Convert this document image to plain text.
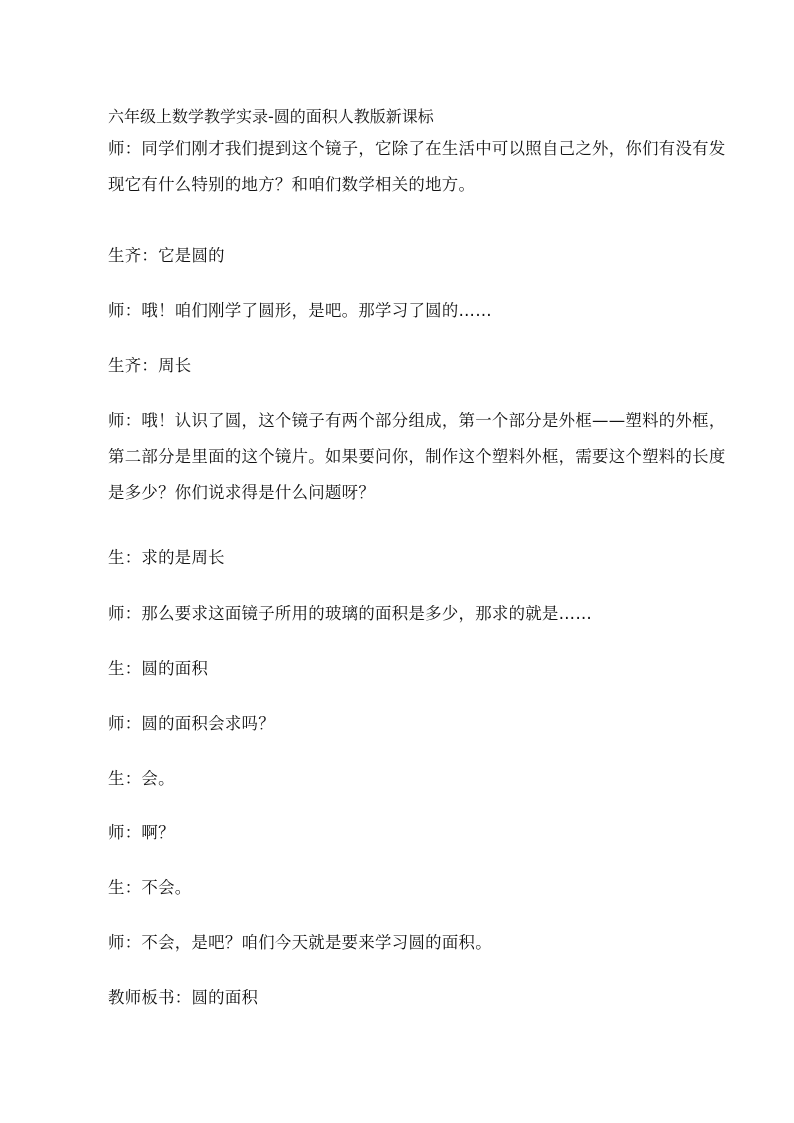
六年级上数学教学实录-圆的面积人教版新课标
师：同学们刚才我们提到这个镜子，它除了在生活中可以照自己之外，你们有没有发现它有什么特别的地方？和咱们数学相关的地方。
生齐：它是圆的
师：哦！咱们刚学了圆形，是吧。那学习了圆的……
生齐：周长
师：哦！认识了圆，这个镜子有两个部分组成，第一个部分是外框——塑料的外框，第二部分是里面的这个镜片。如果要问你，制作这个塑料外框，需要这个塑料的长度是多少？你们说求得是什么问题呀？
生：求的是周长
师：那么要求这面镜子所用的玻璃的面积是多少，那求的就是……
生：圆的面积
师：圆的面积会求吗？
生：会。
师：啊？
生：不会。
师：不会，是吧？咱们今天就是要来学习圆的面积。
教师板书：圆的面积
